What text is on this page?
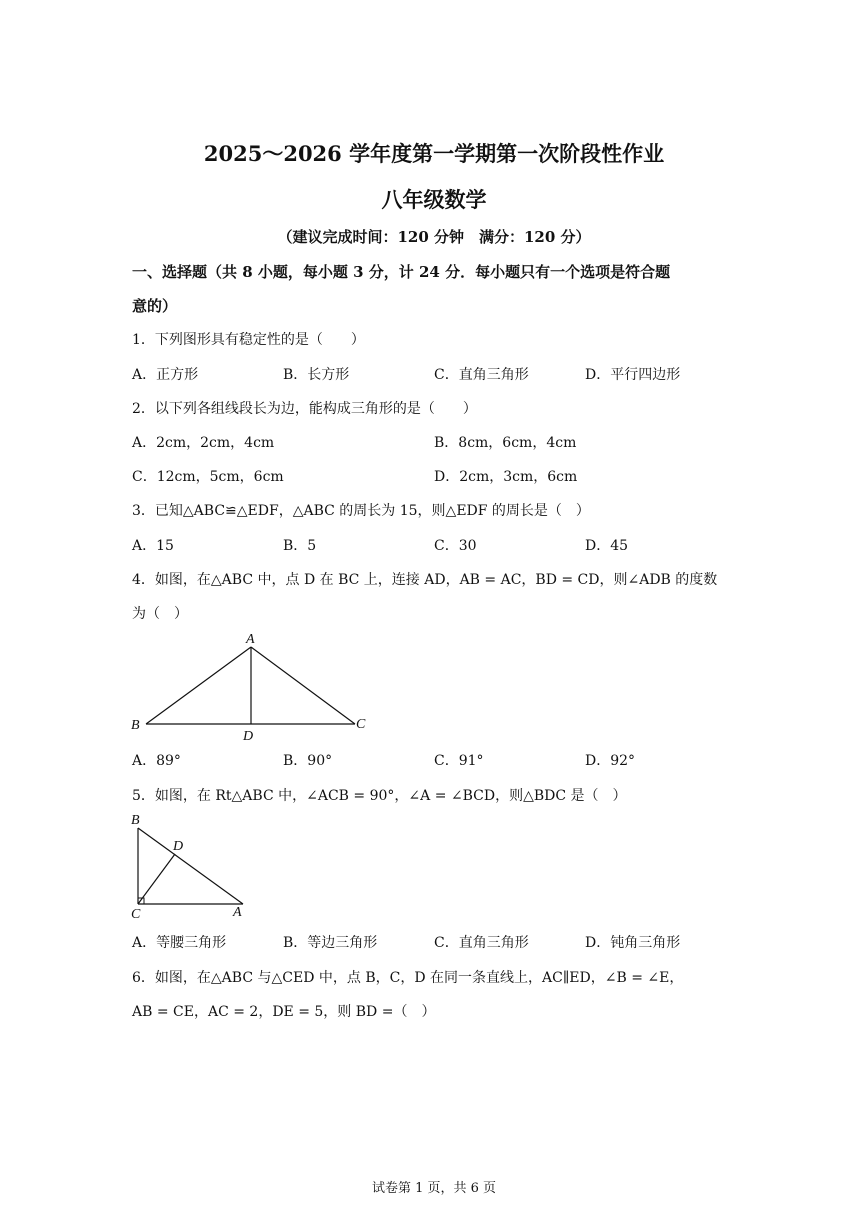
2025～2026 学年度第一学期第一次阶段性作业
八年级数学
（建议完成时间：120 分钟　满分：120 分）
一、选择题（共 8 小题，每小题 3 分，计 24 分．每小题只有一个选项是符合题
意的）
1．下列图形具有稳定性的是（　　）
A．正方形	B．长方形	C．直角三角形	D．平行四边形
2．以下列各组线段长为边，能构成三角形的是（　　）
A．2cm，2cm，4cm	B．8cm，6cm，4cm
C．12cm，5cm，6cm	D．2cm，3cm，6cm
3．已知△ABC≌△EDF，△ABC 的周长为 15，则△EDF 的周长是（　）
A．15	B．5	C．30	D．45
4．如图，在△ABC 中，点 D 在 BC 上，连接 AD，AB = AC，BD = CD，则∠ADB 的度数
为（　）
A
B	C
D
A．89°	B．90°	C．91°	D．92°
5．如图，在 Rt△ABC 中，∠ACB = 90°，∠A = ∠BCD，则△BDC 是（　）
B
D
C	A
A．等腰三角形	B．等边三角形	C．直角三角形	D．钝角三角形
6．如图，在△ABC 与△CED 中，点 B，C，D 在同一条直线上，AC∥ED，∠B = ∠E，
AB = CE，AC = 2，DE = 5，则 BD =（　）
试卷第 1 页，共 6 页
